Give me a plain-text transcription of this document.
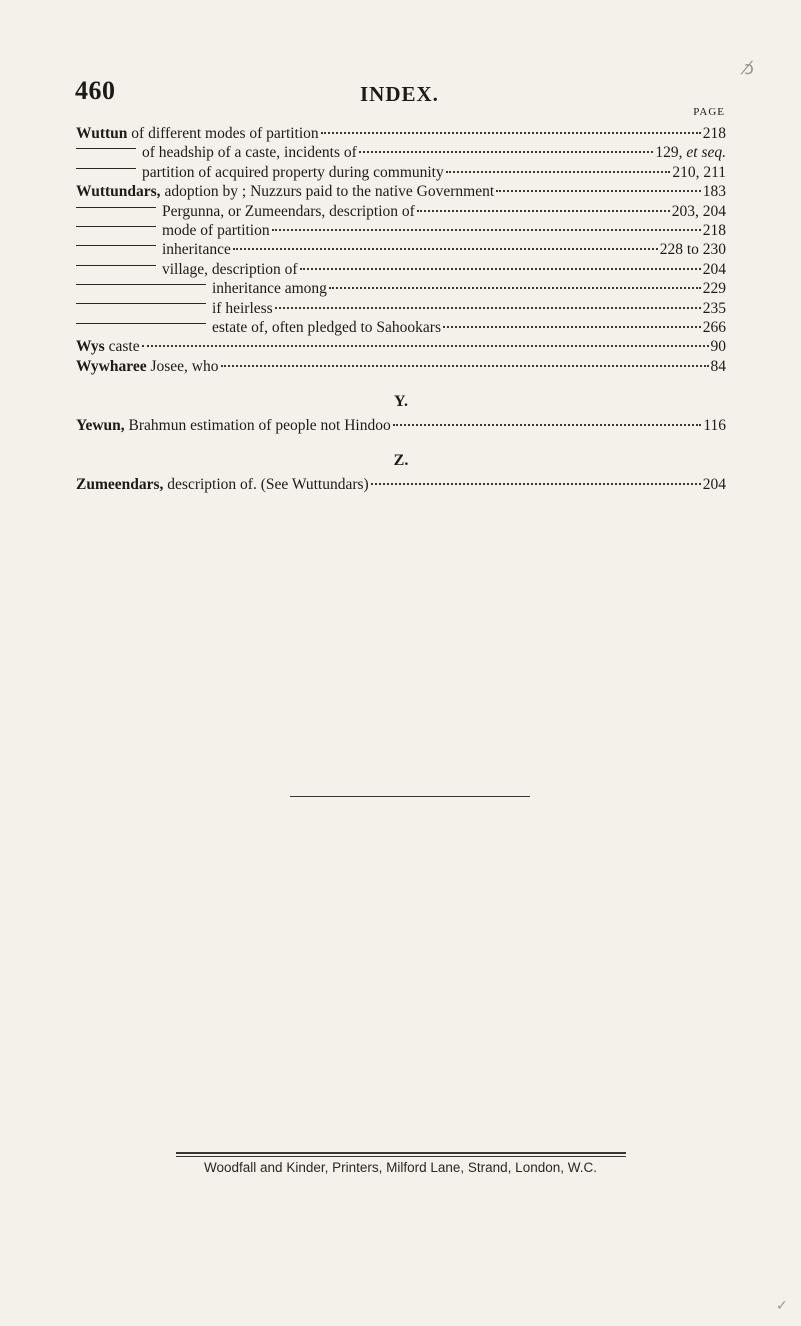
ↄ̸
✓
460	INDEX.
PAGE
Wuttun of different modes of partition	218
of headship of a caste, incidents of	129, et seq.
partition of acquired property during community	210, 211
Wuttundars, adoption by ; Nuzzurs paid to the native Government	183
Pergunna, or Zumeendars, description of	203, 204
mode of partition	218
inheritance	228 to 230
village, description of	204
inheritance among	229
if heirless	235
estate of, often pledged to Sahookars	266
Wys caste	90
Wywharee Josee, who	84
Y.
Yewun, Brahmun estimation of people not Hindoo	116
Z.
Zumeendars, description of. (See Wuttundars)	204
Woodfall and Kinder, Printers, Milford Lane, Strand, London, W.C.
